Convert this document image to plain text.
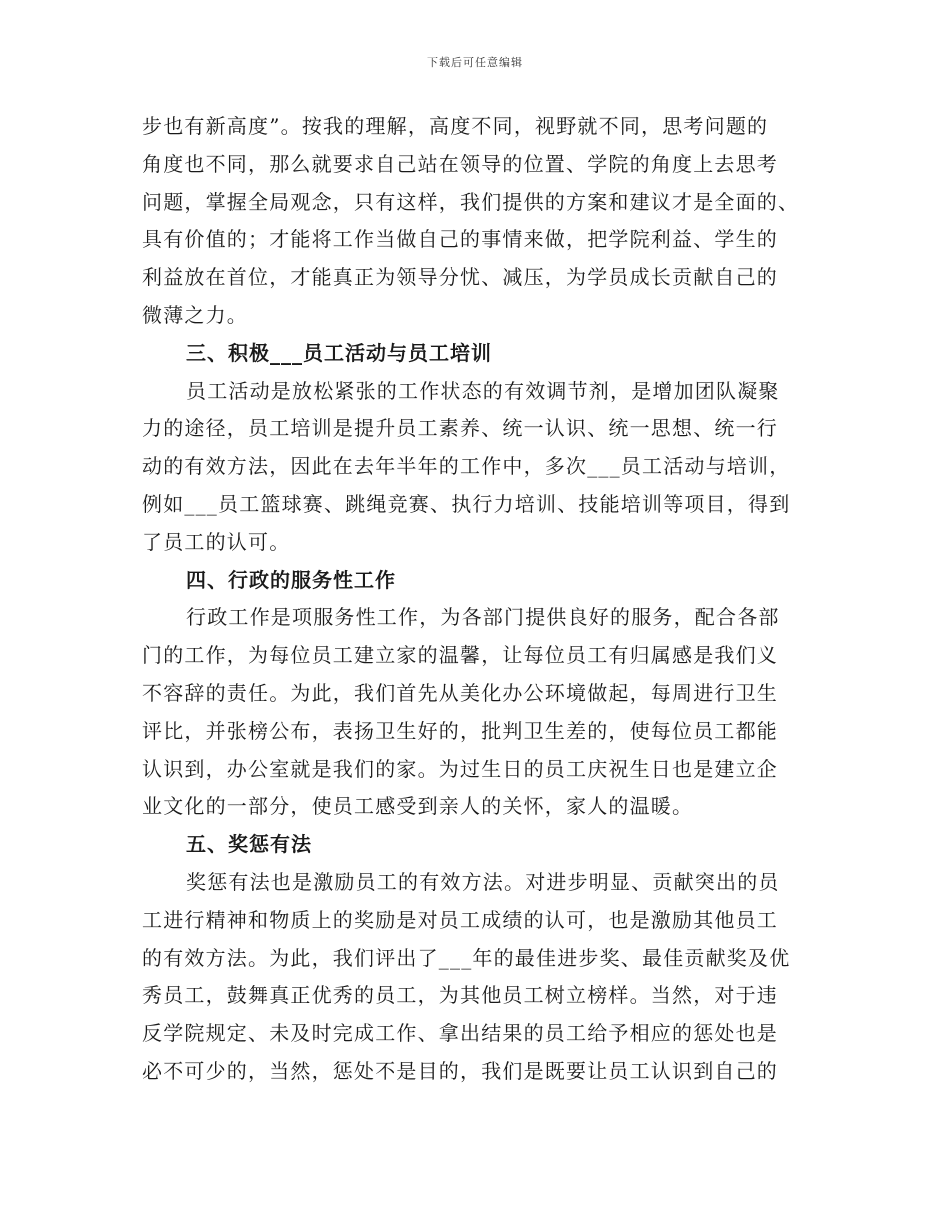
下载后可任意编辑
步也有新高度”。按我的理解，高度不同，视野就不同，思考问题的
角度也不同，那么就要求自己站在领导的位置、学院的角度上去思考
问题，掌握全局观念，只有这样，我们提供的方案和建议才是全面的、
具有价值的；才能将工作当做自己的事情来做，把学院利益、学生的
利益放在首位，才能真正为领导分忧、减压，为学员成长贡献自己的
微薄之力。
三、积极___员工活动与员工培训
员工活动是放松紧张的工作状态的有效调节剂，是增加团队凝聚
力的途径，员工培训是提升员工素养、统一认识、统一思想、统一行
动的有效方法，因此在去年半年的工作中，多次___员工活动与培训，
例如___员工篮球赛、跳绳竞赛、执行力培训、技能培训等项目，得到
了员工的认可。
四、行政的服务性工作
行政工作是项服务性工作，为各部门提供良好的服务，配合各部
门的工作，为每位员工建立家的温馨，让每位员工有归属感是我们义
不容辞的责任。为此，我们首先从美化办公环境做起，每周进行卫生
评比，并张榜公布，表扬卫生好的，批判卫生差的，使每位员工都能
认识到，办公室就是我们的家。为过生日的员工庆祝生日也是建立企
业文化的一部分，使员工感受到亲人的关怀，家人的温暖。
五、奖惩有法
奖惩有法也是激励员工的有效方法。对进步明显、贡献突出的员
工进行精神和物质上的奖励是对员工成绩的认可，也是激励其他员工
的有效方法。为此，我们评出了___年的最佳进步奖、最佳贡献奖及优
秀员工，鼓舞真正优秀的员工，为其他员工树立榜样。当然，对于违
反学院规定、未及时完成工作、拿出结果的员工给予相应的惩处也是
必不可少的，当然，惩处不是目的，我们是既要让员工认识到自己的
